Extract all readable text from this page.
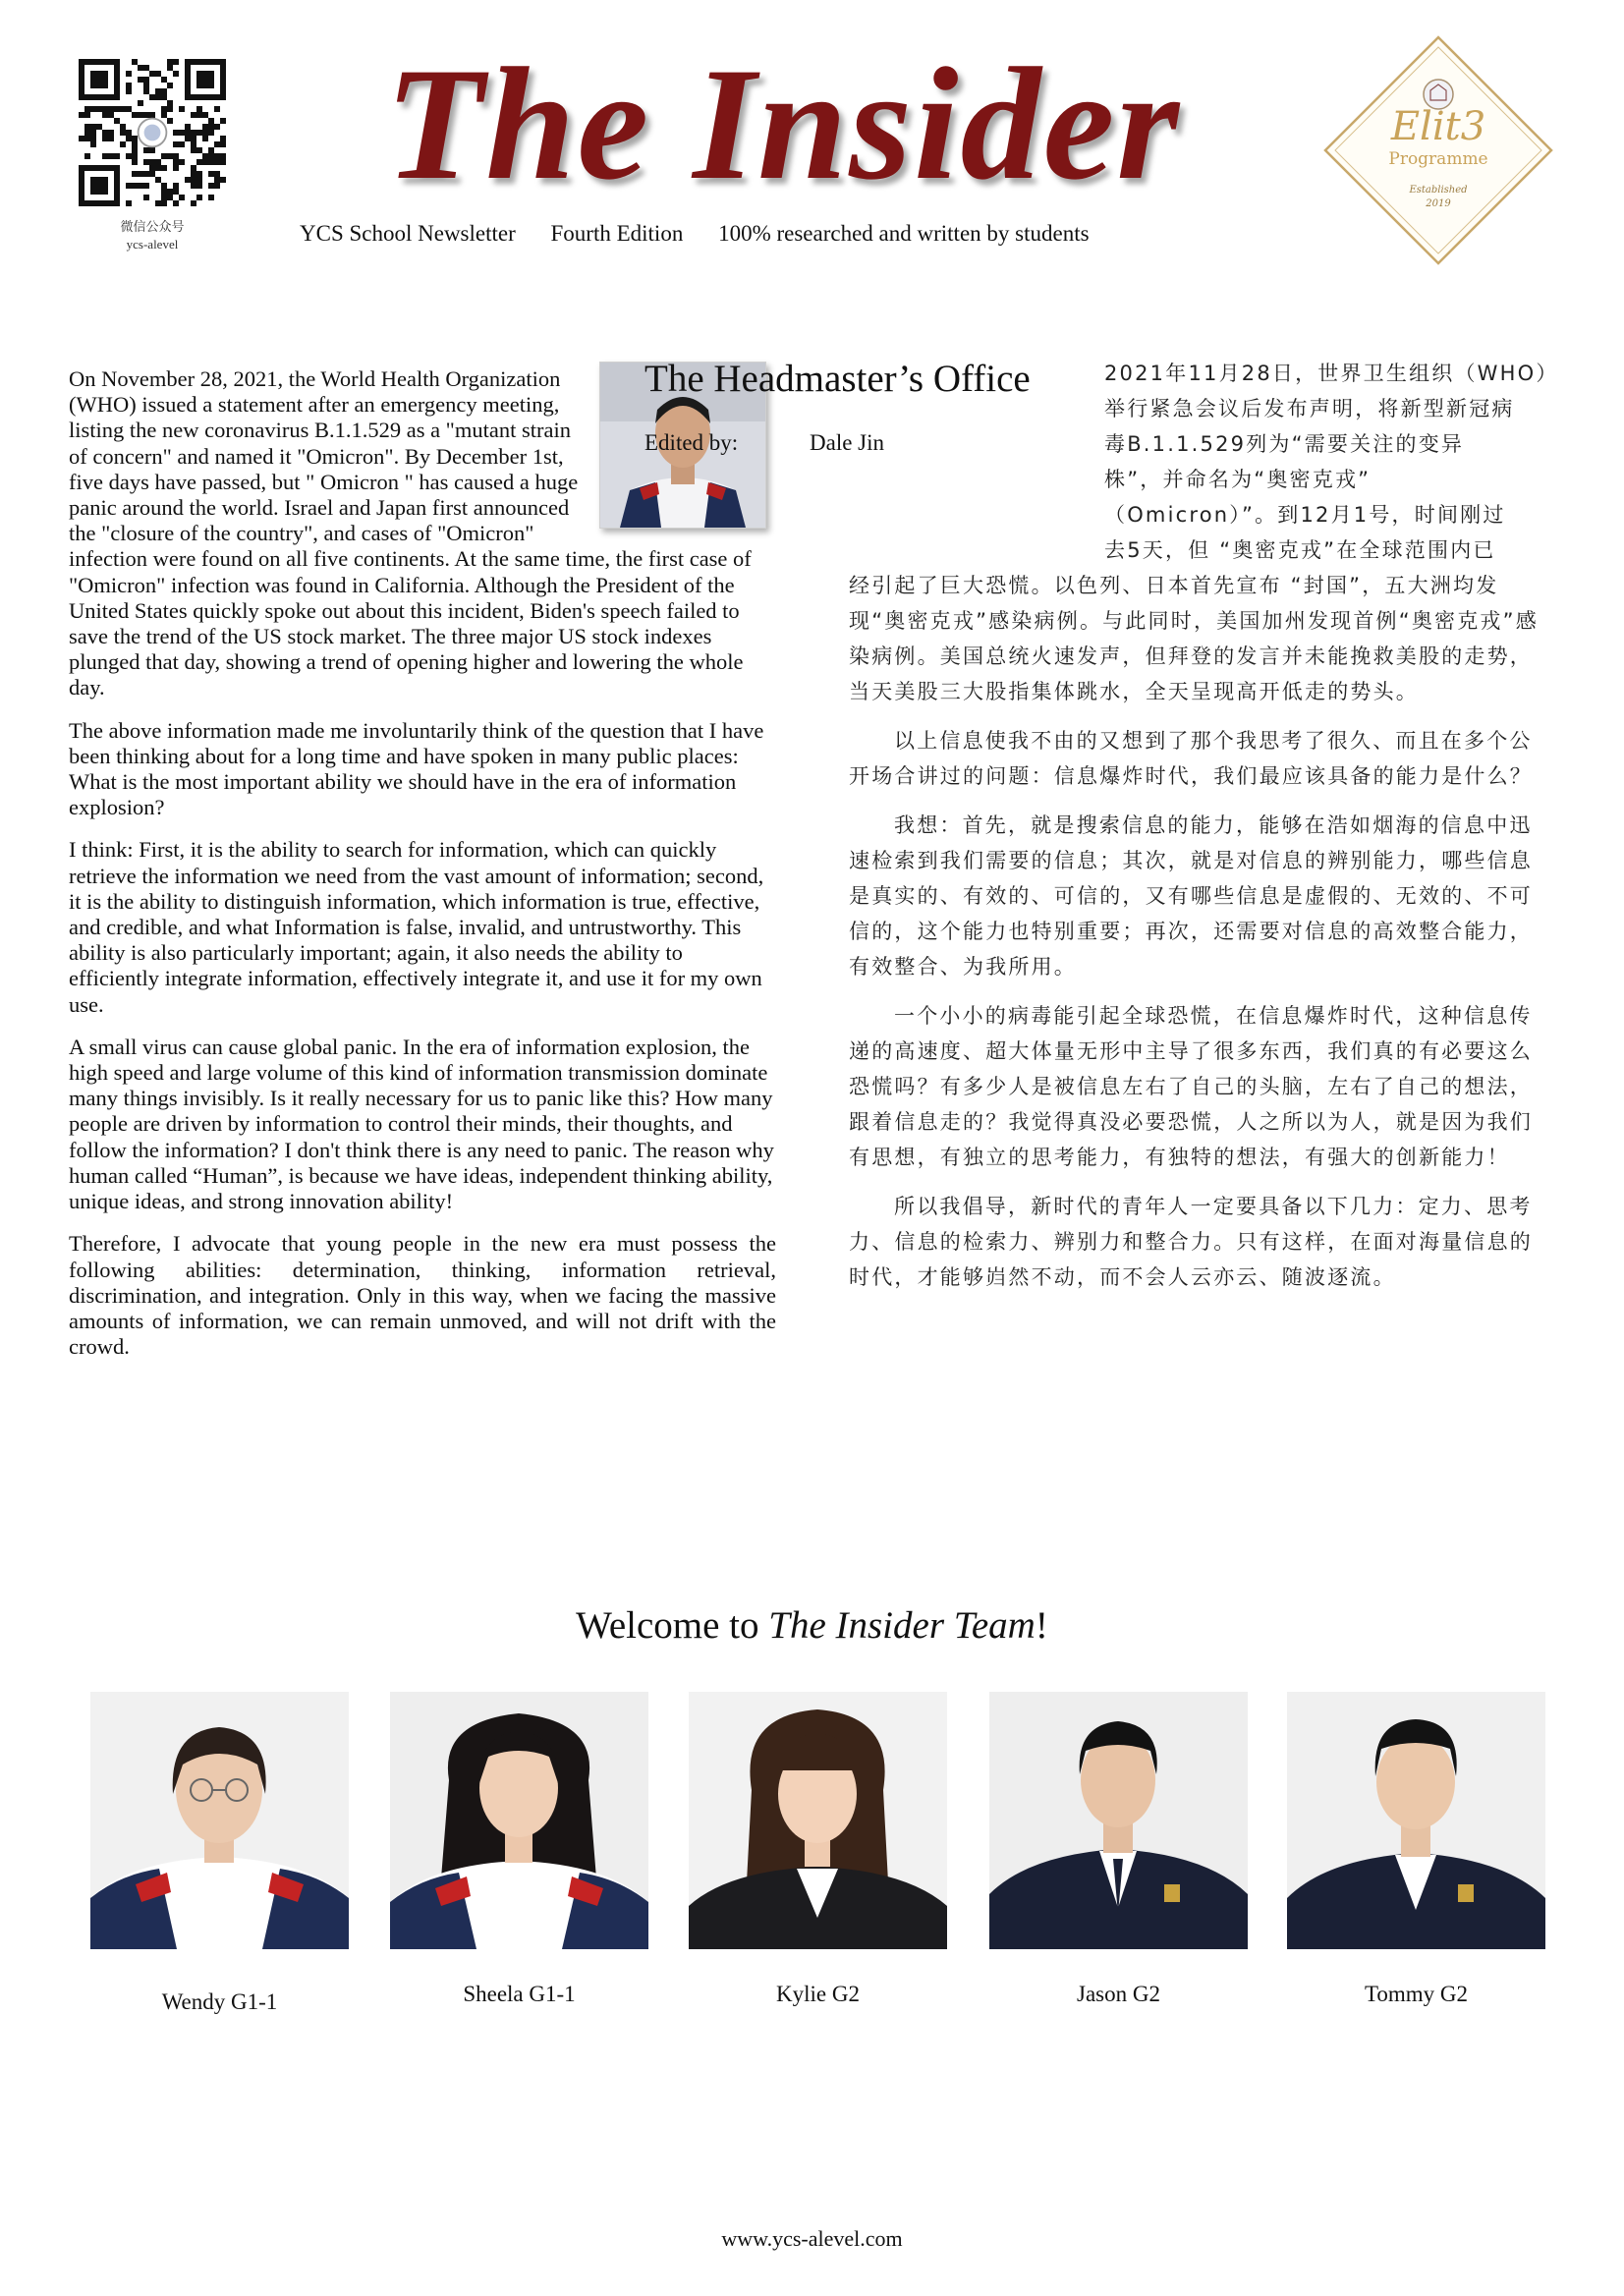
微信公众号
ycs-alevel
The Insider
YCS School Newsletter Fourth Edition 100% researched and written by students
Elit3
Programme
Established
2019

On November 28, 2021, the World Health Organization (WHO) issued a statement after an emergency meeting, listing the new coronavirus B.1.1.529 as a "mutant strain of concern" and named it "Omicron". By December 1st, five days have passed, but " Omicron " has caused a huge panic around the world. Israel and Japan first announced the "closure of the country", and cases of "Omicron" infection were found on all five continents. At the same time, the first case of "Omicron" infection was found in California. Although the President of the United States quickly spoke out about this incident, Biden's speech failed to save the trend of the US stock market. The three major US stock indexes plunged that day, showing a trend of opening higher and lowering the whole day.

The above information made me involuntarily think of the question that I have been thinking about for a long time and have spoken in many public places: What is the most important ability we should have in the era of information explosion?

I think: First, it is the ability to search for information, which can quickly retrieve the information we need from the vast amount of information; second, it is the ability to distinguish information, which information is true, effective, and credible, and what Information is false, invalid, and untrustworthy. This ability is also particularly important; again, it also needs the ability to efficiently integrate information, effectively integrate it, and use it for my own use.

A small virus can cause global panic. In the era of information explosion, the high speed and large volume of this kind of information transmission dominate many things invisibly. Is it really necessary for us to panic like this? How many people are driven by information to control their minds, their thoughts, and follow the information? I don't think there is any need to panic. The reason why human called “Human”, is because we have ideas, independent thinking ability, unique ideas, and strong innovation ability!

Therefore, I advocate that young people in the new era must possess the following abilities: determination, thinking, information retrieval, discrimination, and integration. Only in this way, when we facing the massive amounts of information, we can remain unmoved, and will not drift with the crowd.

The Headmaster’s Office
Edited by:	Dale Jin

2021年11月28日，世界卫生组织（WHO）
举行紧急会议后发布声明，将新型新冠病
毒B.1.1.529列为“需要关注的变异
株”，并命名为“奥密克戎”
（Omicron）”。到12月1号，时间刚过
去5天，但 “奥密克戎”在全球范围内已
经引起了巨大恐慌。以色列、日本首先宣布 “封国”，五大洲均发现“奥密克戎”感染病例。与此同时，美国加州发现首例“奥密克戎”感染病例。美国总统火速发声，但拜登的发言并未能挽救美股的走势，当天美股三大股指集体跳水，全天呈现高开低走的势头。

以上信息使我不由的又想到了那个我思考了很久、而且在多个公开场合讲过的问题：信息爆炸时代，我们最应该具备的能力是什么？

我想：首先，就是搜索信息的能力，能够在浩如烟海的信息中迅速检索到我们需要的信息；其次，就是对信息的辨别能力，哪些信息是真实的、有效的、可信的，又有哪些信息是虚假的、无效的、不可信的，这个能力也特别重要；再次，还需要对信息的高效整合能力，有效整合、为我所用。

一个小小的病毒能引起全球恐慌，在信息爆炸时代，这种信息传递的高速度、超大体量无形中主导了很多东西，我们真的有必要这么恐慌吗？有多少人是被信息左右了自己的头脑，左右了自己的想法，跟着信息走的？我觉得真没必要恐慌，人之所以为人，就是因为我们有思想，有独立的思考能力，有独特的想法，有强大的创新能力！

所以我倡导，新时代的青年人一定要具备以下几力：定力、思考力、信息的检索力、辨别力和整合力。只有这样，在面对海量信息的时代，才能够岿然不动，而不会人云亦云、随波逐流。

Welcome to The Insider Team!
Wendy G1-1	Sheela G1-1	Kylie G2	Jason G2	Tommy G2
www.ycs-alevel.com
